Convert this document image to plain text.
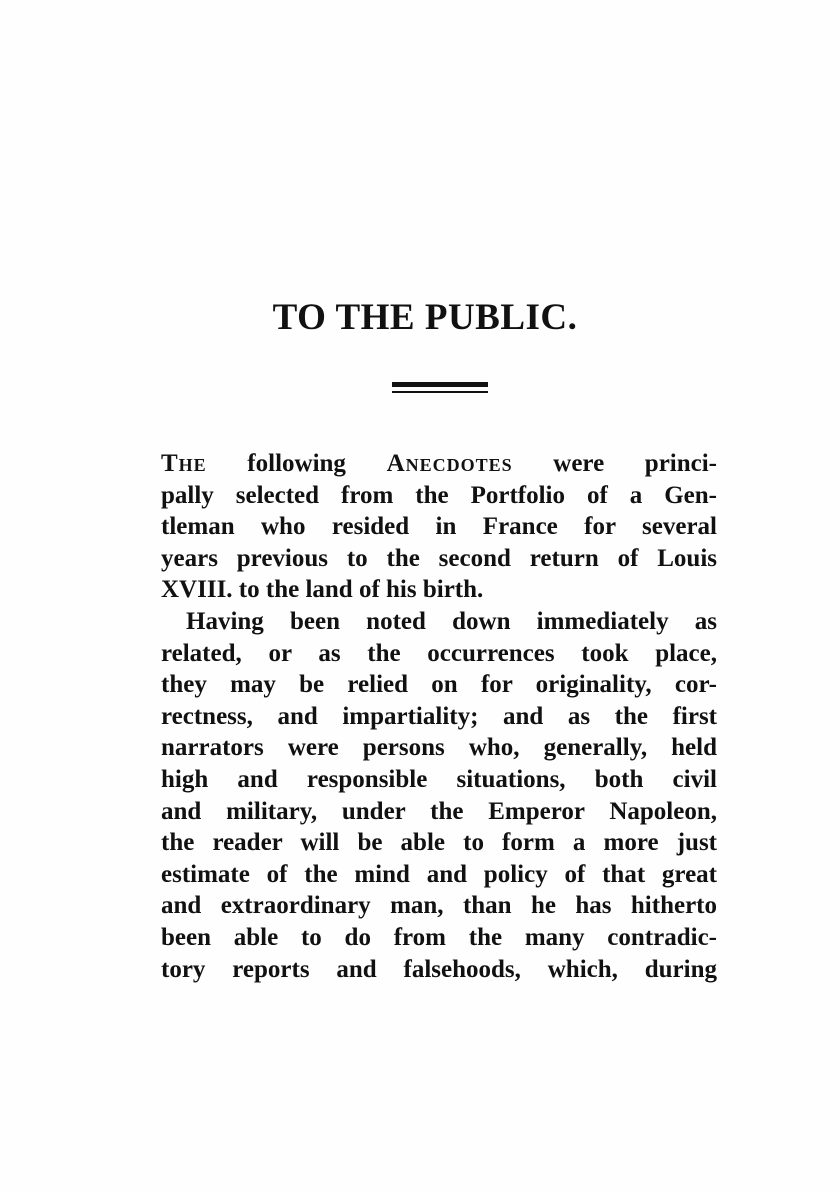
TO THE PUBLIC.
The following Anecdotes were princi-
pally selected from the Portfolio of a Gen-
tleman who resided in France for several
years previous to the second return of Louis
XVIII. to the land of his birth.
Having been noted down immediately as
related, or as the occurrences took place,
they may be relied on for originality, cor-
rectness, and impartiality; and as the first
narrators were persons who, generally, held
high and responsible situations, both civil
and military, under the Emperor Napoleon,
the reader will be able to form a more just
estimate of the mind and policy of that great
and extraordinary man, than he has hitherto
been able to do from the many contradic-
tory reports and falsehoods, which, during
